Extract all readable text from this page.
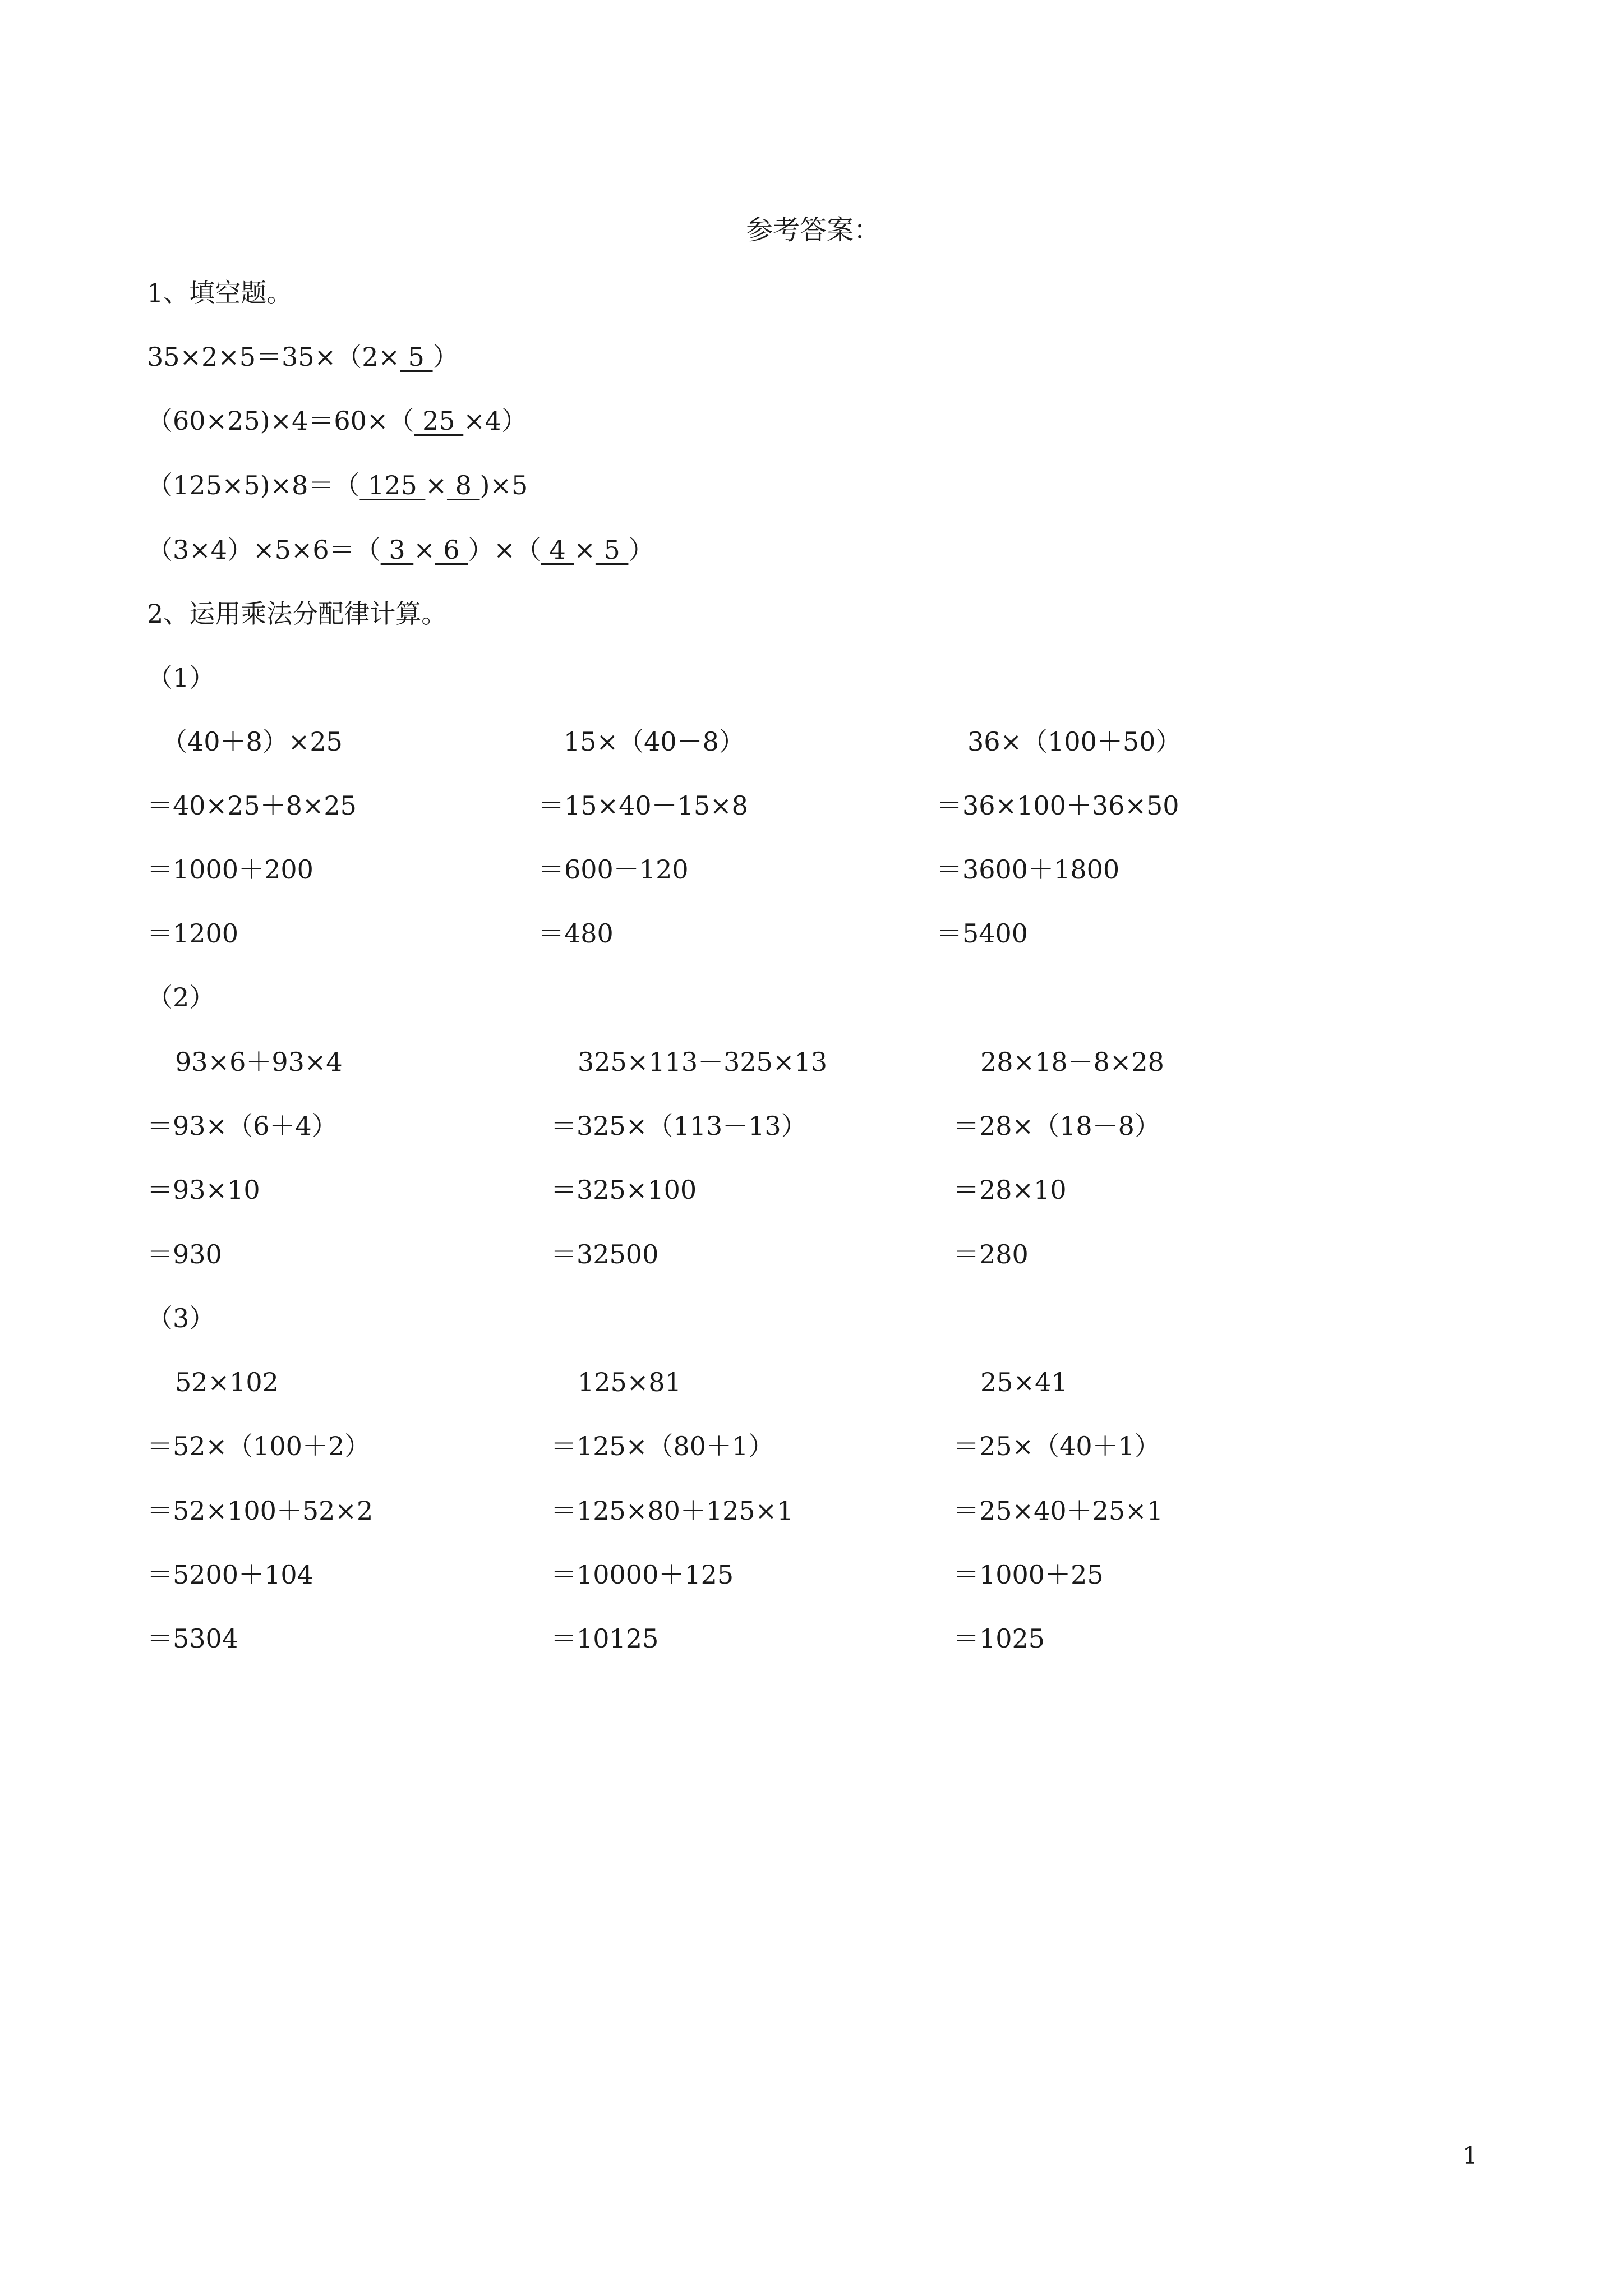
参考答案：
1、填空题。
35×2×5＝35×（2× 5 ）
（60×25)×4＝60×（ 25 ×4）
（125×5)×8＝（ 125 × 8 )×5
（3×4）×5×6＝（ 3 × 6 ）×（ 4 × 5 ）
2、运用乘法分配律计算。
（1）
（40＋8）×25
＝40×25＋8×25
＝1000＋200
＝1200
15×（40－8）
＝15×40－15×8
＝600－120
＝480
36×（100＋50）
＝36×100＋36×50
＝3600＋1800
＝5400
（2）
93×6＋93×4
＝93×（6＋4）
＝93×10
＝930
325×113－325×13
＝325×（113－13）
＝325×100
＝32500
28×18－8×28
＝28×（18－8）
＝28×10
＝280
（3）
52×102
＝52×（100＋2）
＝52×100＋52×2
＝5200＋104
＝5304
125×81
＝125×（80＋1）
＝125×80＋125×1
＝10000＋125
＝10125
25×41
＝25×（40＋1）
＝25×40＋25×1
＝1000＋25
＝1025
1
